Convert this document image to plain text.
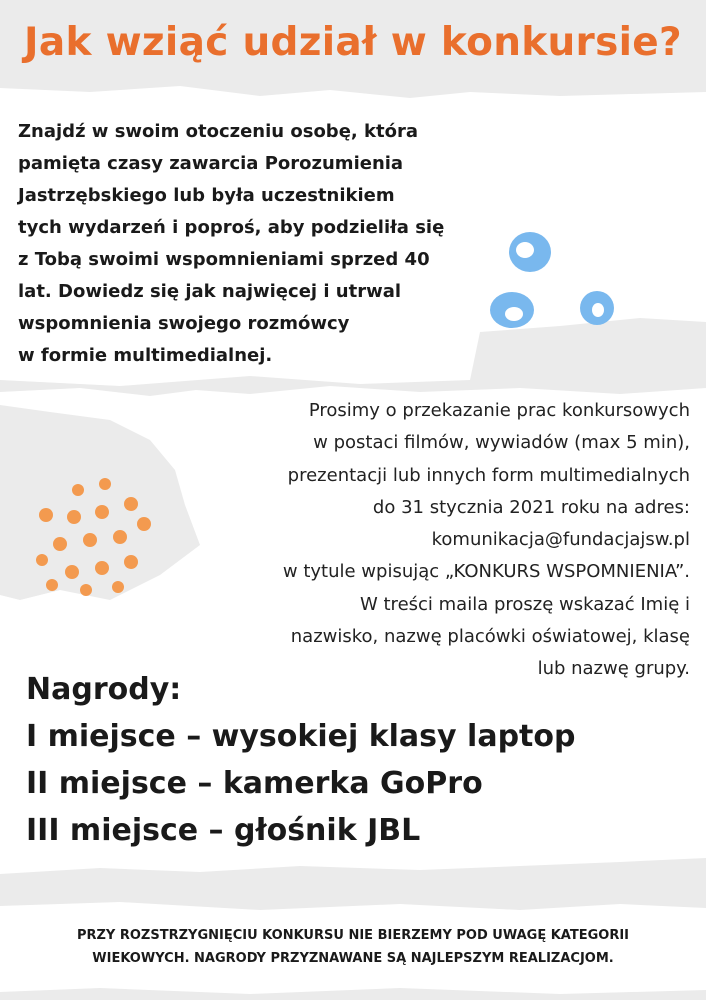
Jak wziąć udział w konkursie?

Znajdź w swoim otoczeniu osobę, która
pamięta czasy zawarcia Porozumienia
Jastrzębskiego lub była uczestnikiem
tych wydarzeń i poproś, aby podzieliła się
z Tobą swoimi wspomnieniami sprzed 40
lat. Dowiedz się jak najwięcej i utrwal
wspomnienia swojego rozmówcy
w formie multimedialnej.

Prosimy o przekazanie prac konkursowych
w postaci filmów, wywiadów (max 5 min),
prezentacji lub innych form multimedialnych
do 31 stycznia 2021 roku na adres:
komunikacja@fundacjajsw.pl
w tytule wpisując „KONKURS WSPOMNIENIA”.
W treści maila proszę wskazać Imię i
nazwisko, nazwę placówki oświatowej, klasę
lub nazwę grupy.

Nagrody:
I miejsce – wysokiej klasy laptop
II miejsce – kamerka GoPro
III miejsce – głośnik JBL

PRZY ROZSTRZYGNIĘCIU KONKURSU NIE BIERZEMY POD UWAGĘ KATEGORII
WIEKOWYCH. NAGRODY PRZYZNAWANE SĄ NAJLEPSZYM REALIZACJOM.
